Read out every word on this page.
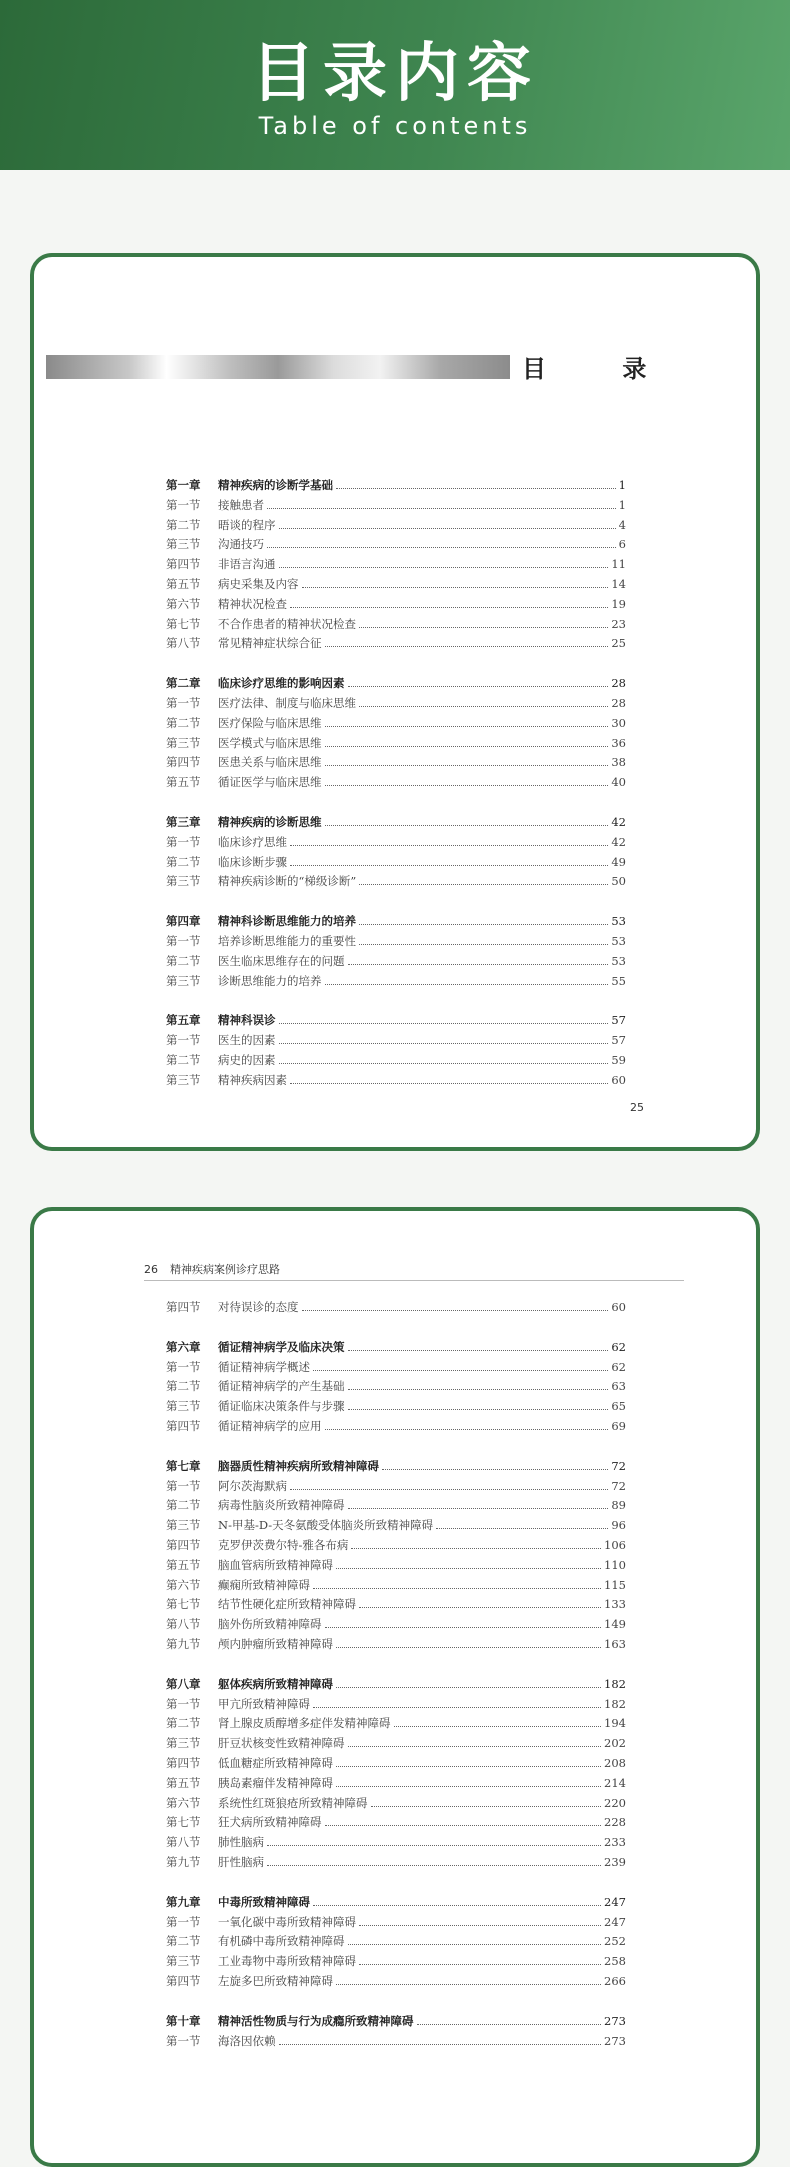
目录内容
Table of contents
目 录
第一章	精神疾病的诊断学基础	1
第一节	接触患者	1
第二节	晤谈的程序	4
第三节	沟通技巧	6
第四节	非语言沟通	11
第五节	病史采集及内容	14
第六节	精神状况检查	19
第七节	不合作患者的精神状况检查	23
第八节	常见精神症状综合征	25
第二章	临床诊疗思维的影响因素	28
第一节	医疗法律、制度与临床思维	28
第二节	医疗保险与临床思维	30
第三节	医学模式与临床思维	36
第四节	医患关系与临床思维	38
第五节	循证医学与临床思维	40
第三章	精神疾病的诊断思维	42
第一节	临床诊疗思维	42
第二节	临床诊断步骤	49
第三节	精神疾病诊断的“梯级诊断”	50
第四章	精神科诊断思维能力的培养	53
第一节	培养诊断思维能力的重要性	53
第二节	医生临床思维存在的问题	53
第三节	诊断思维能力的培养	55
第五章	精神科误诊	57
第一节	医生的因素	57
第二节	病史的因素	59
第三节	精神疾病因素	60
25
26 精神疾病案例诊疗思路
第四节	对待误诊的态度	60
第六章	循证精神病学及临床决策	62
第一节	循证精神病学概述	62
第二节	循证精神病学的产生基础	63
第三节	循证临床决策条件与步骤	65
第四节	循证精神病学的应用	69
第七章	脑器质性精神疾病所致精神障碍	72
第一节	阿尔茨海默病	72
第二节	病毒性脑炎所致精神障碍	89
第三节	N-甲基-D-天冬氨酸受体脑炎所致精神障碍	96
第四节	克罗伊茨费尔特-雅各布病	106
第五节	脑血管病所致精神障碍	110
第六节	癫痫所致精神障碍	115
第七节	结节性硬化症所致精神障碍	133
第八节	脑外伤所致精神障碍	149
第九节	颅内肿瘤所致精神障碍	163
第八章	躯体疾病所致精神障碍	182
第一节	甲亢所致精神障碍	182
第二节	肾上腺皮质醇增多症伴发精神障碍	194
第三节	肝豆状核变性致精神障碍	202
第四节	低血糖症所致精神障碍	208
第五节	胰岛素瘤伴发精神障碍	214
第六节	系统性红斑狼疮所致精神障碍	220
第七节	狂犬病所致精神障碍	228
第八节	肺性脑病	233
第九节	肝性脑病	239
第九章	中毒所致精神障碍	247
第一节	一氧化碳中毒所致精神障碍	247
第二节	有机磷中毒所致精神障碍	252
第三节	工业毒物中毒所致精神障碍	258
第四节	左旋多巴所致精神障碍	266
第十章	精神活性物质与行为成瘾所致精神障碍	273
第一节	海洛因依赖	273
